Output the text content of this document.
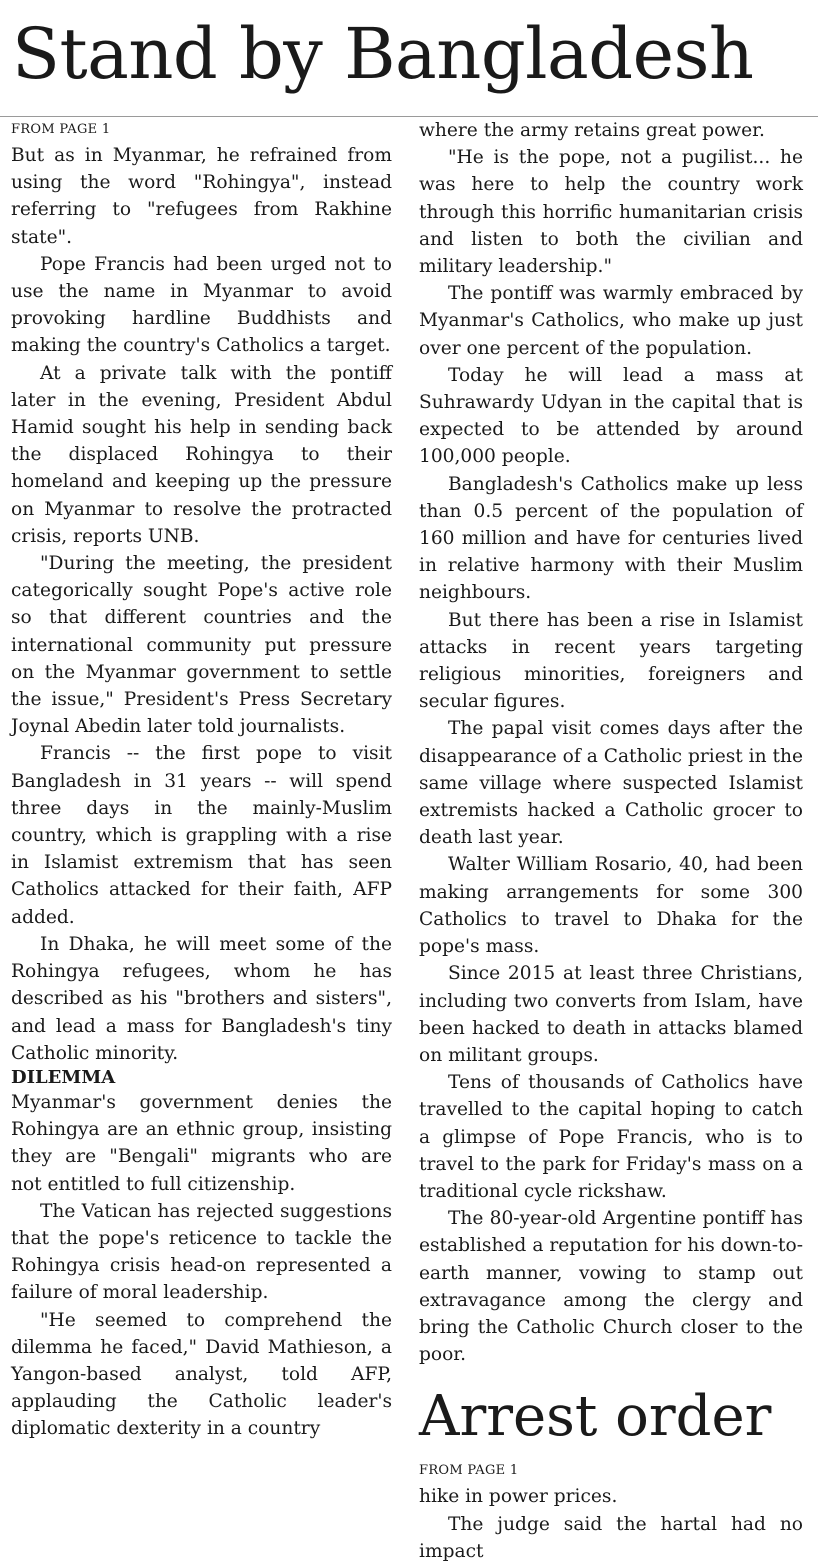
Stand by Bangladesh
FROM PAGE 1

But as in Myanmar, he refrained from using the word "Rohingya", instead referring to "refugees from Rakhine state".

Pope Francis had been urged not to use the name in Myanmar to avoid provoking hardline Buddhists and making the country's Catholics a target.

At a private talk with the pontiff later in the evening, President Abdul Hamid sought his help in sending back the displaced Rohingya to their homeland and keeping up the pressure on Myanmar to resolve the protracted crisis, reports UNB.

"During the meeting, the president categorically sought Pope's active role so that different countries and the international community put pressure on the Myanmar government to settle the issue," President's Press Secretary Joynal Abedin later told journalists.

Francis -- the first pope to visit Bangladesh in 31 years -- will spend three days in the mainly-Muslim country, which is grappling with a rise in Islamist extremism that has seen Catholics attacked for their faith, AFP added.

In Dhaka, he will meet some of the Rohingya refugees, whom he has described as his "brothers and sisters", and lead a mass for Bangladesh's tiny Catholic minority.

DILEMMA

Myanmar's government denies the Rohingya are an ethnic group, insisting they are "Bengali" migrants who are not entitled to full citizenship.

The Vatican has rejected suggestions that the pope's reticence to tackle the Rohingya crisis head-on represented a failure of moral leadership.

"He seemed to comprehend the dilemma he faced," David Mathieson, a Yangon-based analyst, told AFP, applauding the Catholic leader's diplomatic dexterity in a country

where the army retains great power.

"He is the pope, not a pugilist... he was here to help the country work through this horrific humanitarian crisis and listen to both the civilian and military leadership."

The pontiff was warmly embraced by Myanmar's Catholics, who make up just over one percent of the population.

Today he will lead a mass at Suhrawardy Udyan in the capital that is expected to be attended by around 100,000 people.

Bangladesh's Catholics make up less than 0.5 percent of the population of 160 million and have for centuries lived in relative harmony with their Muslim neighbours.

But there has been a rise in Islamist attacks in recent years targeting religious minorities, foreigners and secular figures.

The papal visit comes days after the disappearance of a Catholic priest in the same village where suspected Islamist extremists hacked a Catholic grocer to death last year.

Walter William Rosario, 40, had been making arrangements for some 300 Catholics to travel to Dhaka for the pope's mass.

Since 2015 at least three Christians, including two converts from Islam, have been hacked to death in attacks blamed on militant groups.

Tens of thousands of Catholics have travelled to the capital hoping to catch a glimpse of Pope Francis, who is to travel to the park for Friday's mass on a traditional cycle rickshaw.

The 80-year-old Argentine pontiff has established a reputation for his down-to-earth manner, vowing to stamp out extravagance among the clergy and bring the Catholic Church closer to the poor.

Arrest order
FROM PAGE 1

hike in power prices.

The judge said the hartal had no impact
